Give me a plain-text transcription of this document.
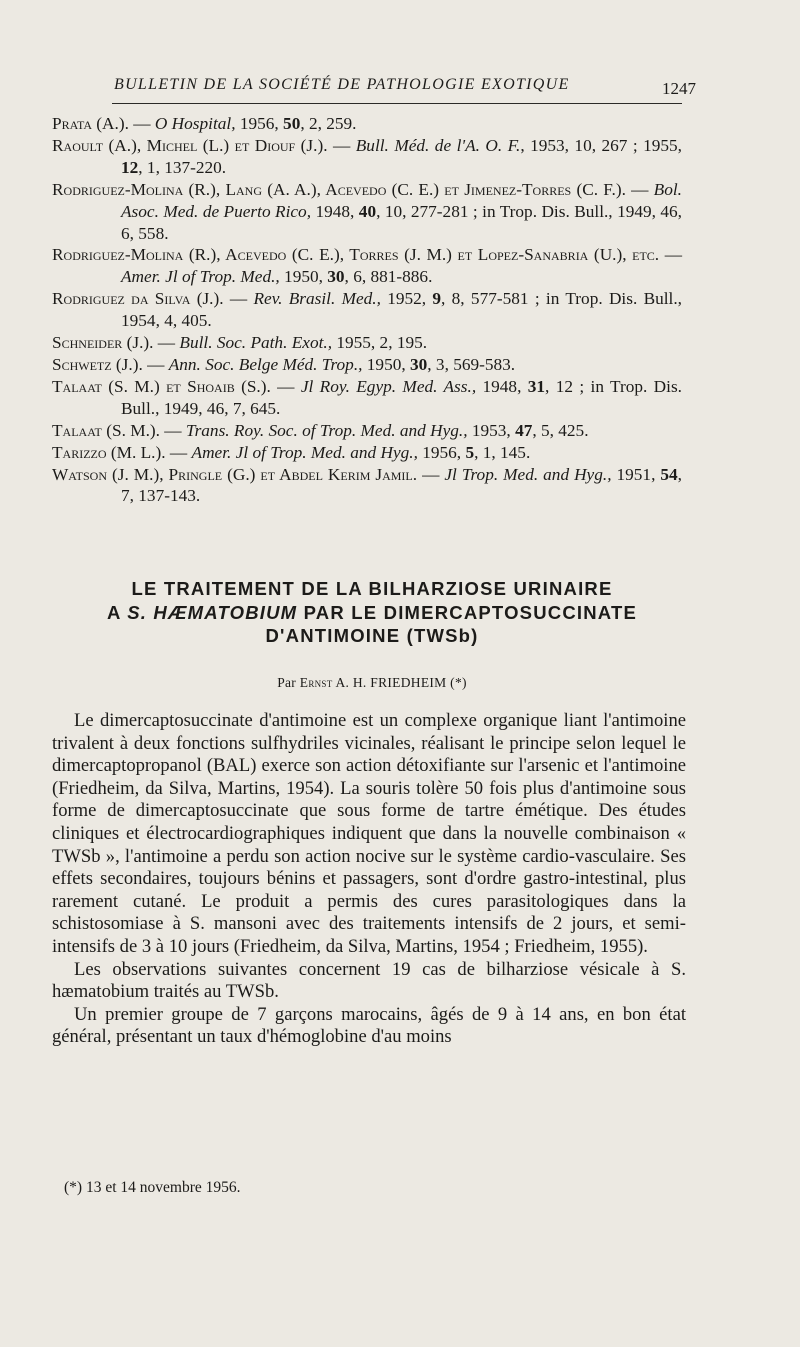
BULLETIN DE LA SOCIÉTÉ DE PATHOLOGIE EXOTIQUE	1247

Prata (A.). — O Hospital, 1956, 50, 2, 259.

Raoult (A.), Michel (L.) et Diouf (J.). — Bull. Méd. de l'A. O. F., 1953, 10, 267 ; 1955, 12, 1, 137-220.

Rodriguez-Molina (R.), Lang (A. A.), Acevedo (C. E.) et Jimenez-Torres (C. F.). — Bol. Asoc. Med. de Puerto Rico, 1948, 40, 10, 277-281 ; in Trop. Dis. Bull., 1949, 46, 6, 558.

Rodriguez-Molina (R.), Acevedo (C. E.), Torres (J. M.) et Lopez-Sanabria (U.), etc. — Amer. Jl of Trop. Med., 1950, 30, 6, 881-886.

Rodriguez da Silva (J.). — Rev. Brasil. Med., 1952, 9, 8, 577-581 ; in Trop. Dis. Bull., 1954, 4, 405.

Schneider (J.). — Bull. Soc. Path. Exot., 1955, 2, 195.

Schwetz (J.). — Ann. Soc. Belge Méd. Trop., 1950, 30, 3, 569-583.

Talaat (S. M.) et Shoaib (S.). — Jl Roy. Egyp. Med. Ass., 1948, 31, 12 ; in Trop. Dis. Bull., 1949, 46, 7, 645.

Talaat (S. M.). — Trans. Roy. Soc. of Trop. Med. and Hyg., 1953, 47, 5, 425.

Tarizzo (M. L.). — Amer. Jl of Trop. Med. and Hyg., 1956, 5, 1, 145.

Watson (J. M.), Pringle (G.) et Abdel Kerim Jamil. — Jl Trop. Med. and Hyg., 1951, 54, 7, 137-143.

LE TRAITEMENT DE LA BILHARZIOSE URINAIRE
A S. HÆMATOBIUM PAR LE DIMERCAPTOSUCCINATE
D'ANTIMOINE (TWSb)
Par Ernst A. H. FRIEDHEIM (*)

Le dimercaptosuccinate d'antimoine est un complexe organique liant l'antimoine trivalent à deux fonctions sulfhydriles vicinales, réalisant le principe selon lequel le dimercaptopropanol (BAL) exerce son action détoxifiante sur l'arsenic et l'antimoine (Friedheim, da Silva, Martins, 1954). La souris tolère 50 fois plus d'antimoine sous forme de dimercaptosuccinate que sous forme de tartre émétique. Des études cliniques et électrocardiographiques indiquent que dans la nouvelle combinaison « TWSb », l'antimoine a perdu son action nocive sur le système cardio-vasculaire. Ses effets secondaires, toujours bénins et passagers, sont d'ordre gastro-intestinal, plus rarement cutané. Le produit a permis des cures parasitologiques dans la schistosomiase à S. mansoni avec des traitements intensifs de 2 jours, et semi-intensifs de 3 à 10 jours (Friedheim, da Silva, Martins, 1954 ; Friedheim, 1955).

Les observations suivantes concernent 19 cas de bilharziose vésicale à S. hæmatobium traités au TWSb.

Un premier groupe de 7 garçons marocains, âgés de 9 à 14 ans, en bon état général, présentant un taux d'hémoglobine d'au moins

(*) 13 et 14 novembre 1956.
